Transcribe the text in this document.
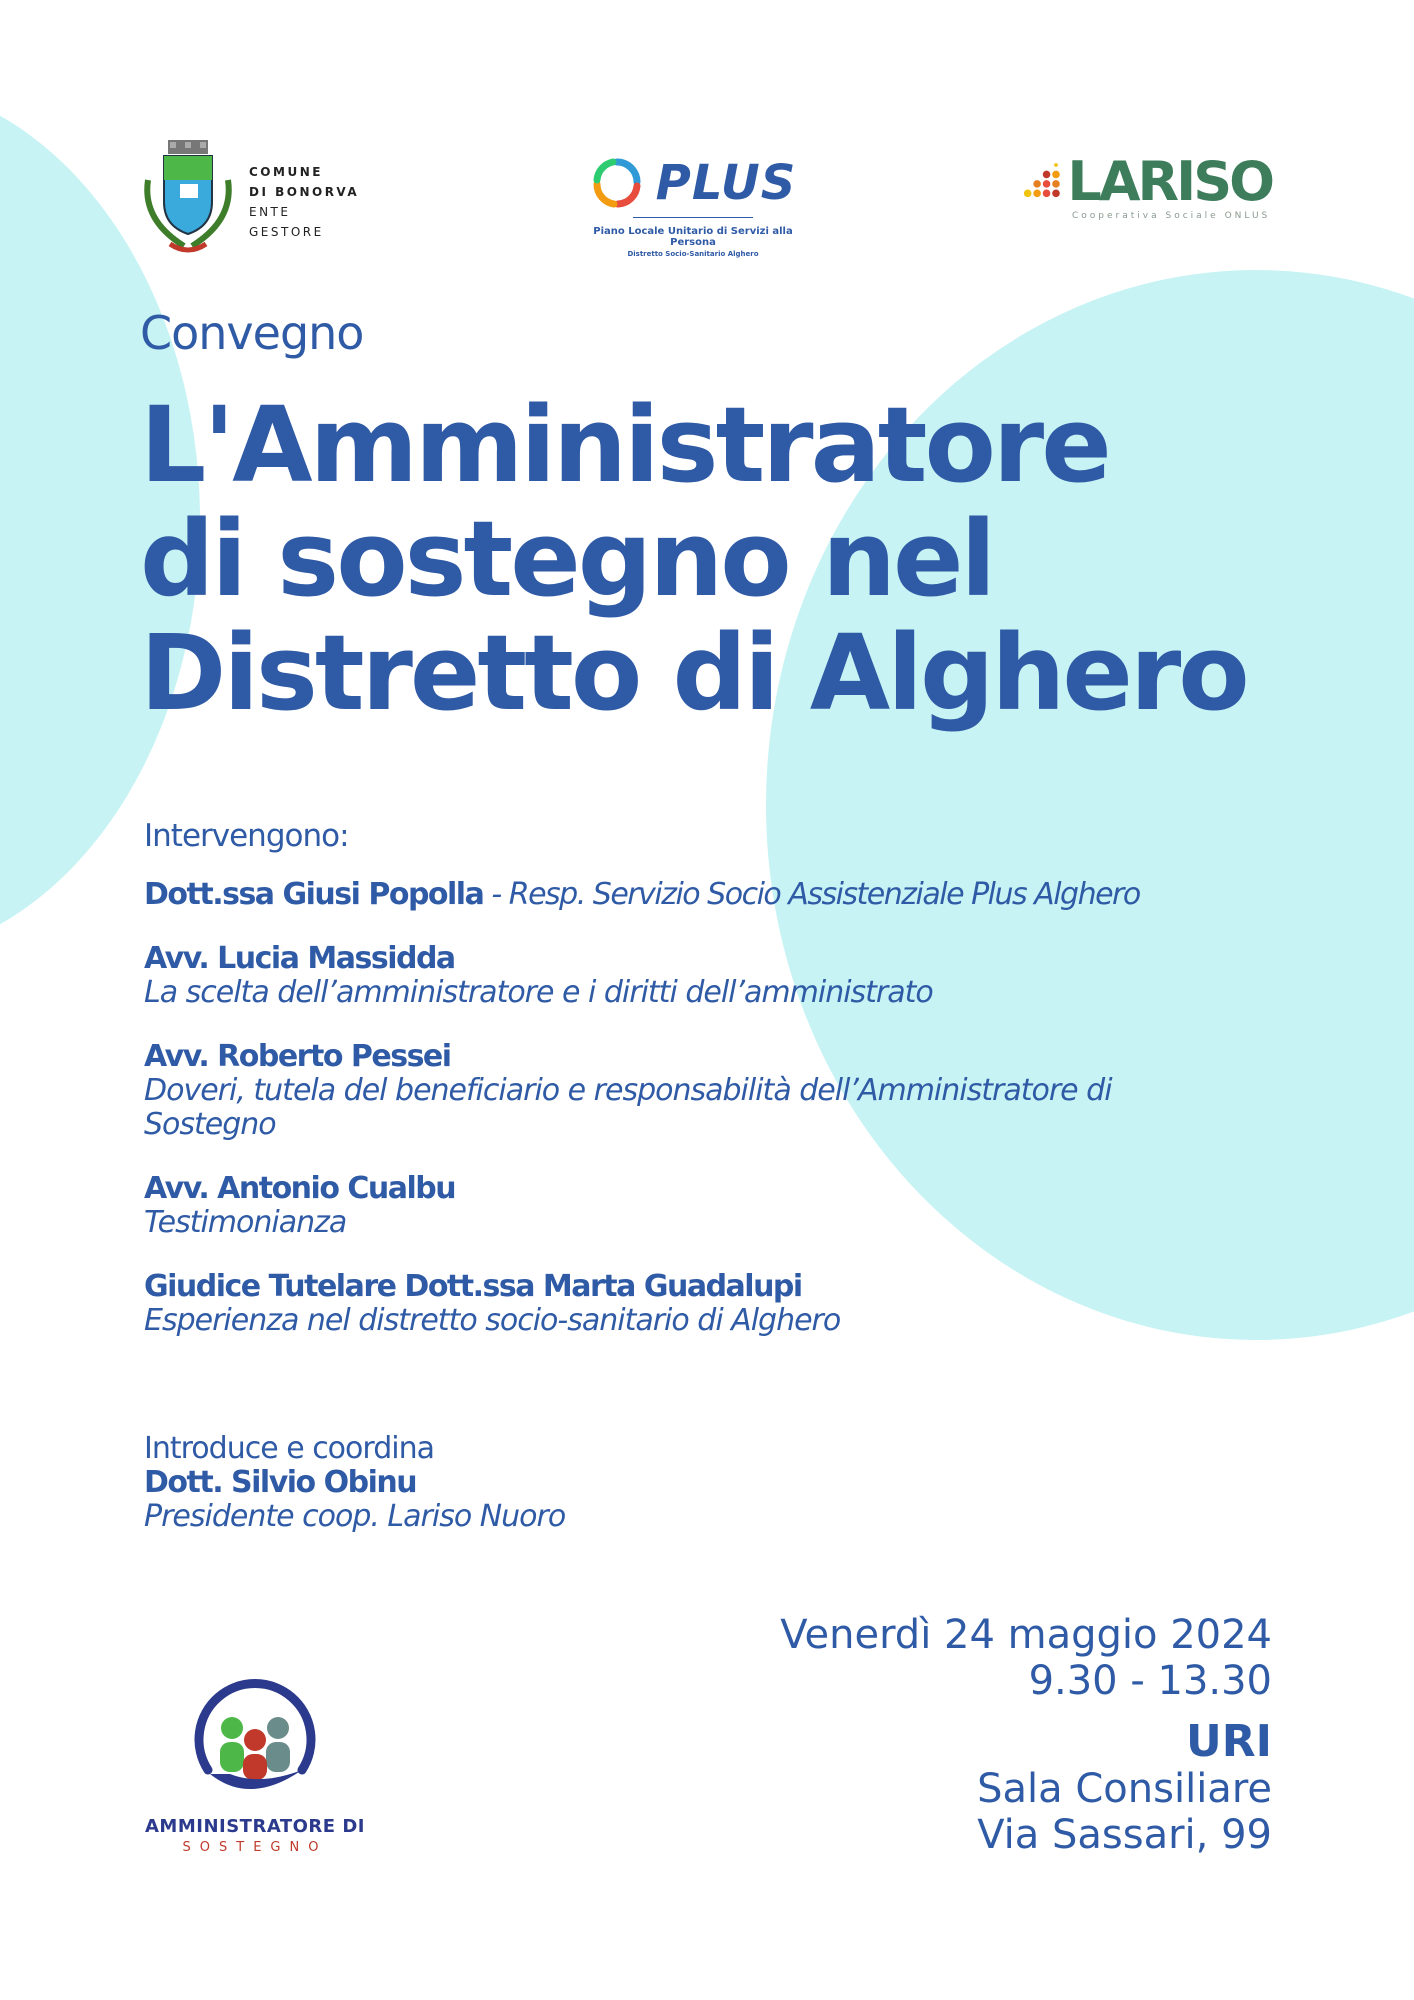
COMUNE
DI BONORVA
ENTE
GESTORE
PLUS
Piano Locale Unitario di Servizi alla Persona
Distretto Socio-Sanitario Alghero
LARISO
Cooperativa Sociale ONLUS
Convegno
L'Amministratore
di sostegno nel
Distretto di Alghero
Intervengono:
Dott.ssa Giusi Popolla - Resp. Servizio Socio Assistenziale Plus Alghero
Avv. Lucia Massidda
La scelta dell’amministratore e i diritti dell’amministrato
Avv. Roberto Pessei
Doveri, tutela del beneficiario e responsabilità dell’Amministratore di
Sostegno
Avv. Antonio Cualbu
Testimonianza
Giudice Tutelare Dott.ssa Marta Guadalupi
Esperienza nel distretto socio-sanitario di Alghero
Introduce e coordina
Dott. Silvio Obinu
Presidente coop. Lariso Nuoro
Venerdì 24 maggio 2024
9.30 - 13.30
URI
Sala Consiliare
Via Sassari, 99
AMMINISTRATORE DI
SOSTEGNO
